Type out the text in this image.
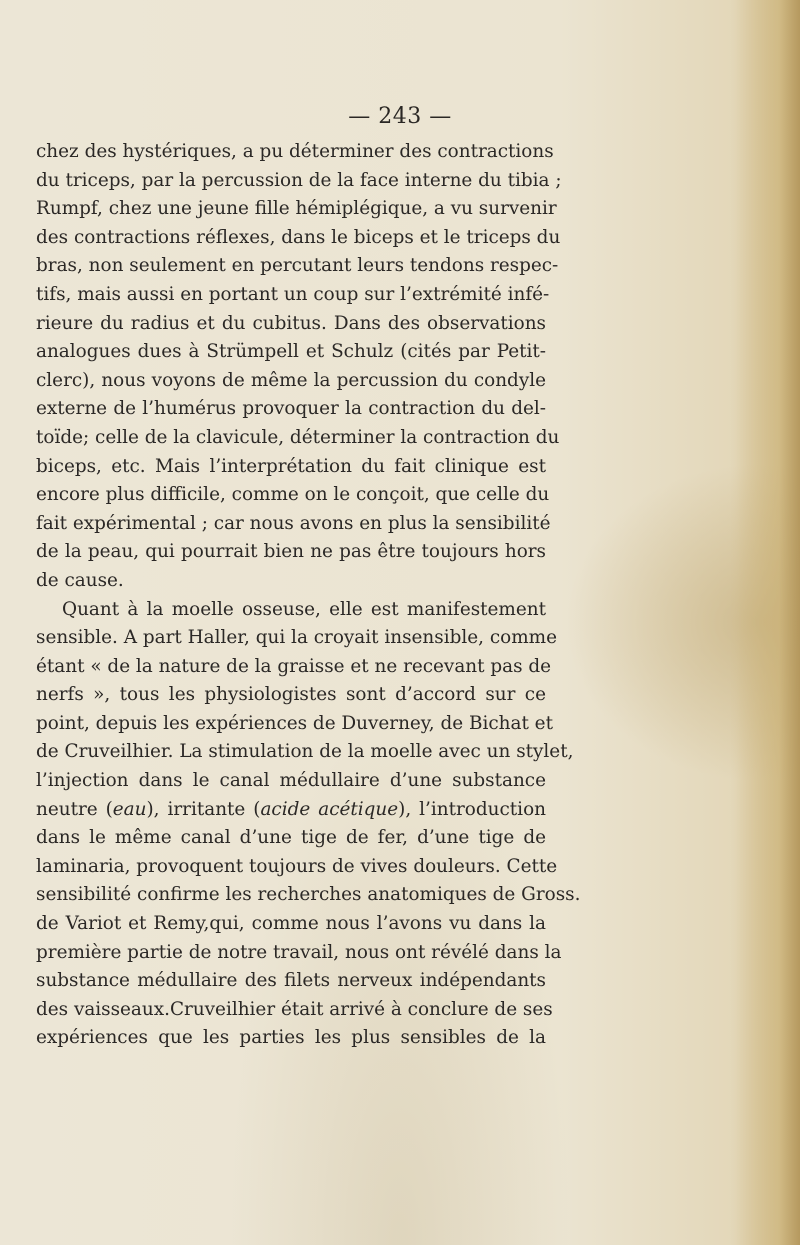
— 243 —
chez des hystériques, a pu déterminer des contractions
du triceps, par la percussion de la face interne du tibia ;
Rumpf, chez une jeune fille hémiplégique, a vu survenir
des contractions réflexes, dans le biceps et le triceps du
bras, non seulement en percutant leurs tendons respec-
tifs, mais aussi en portant un coup sur l’extrémité infé-
rieure du radius et du cubitus. Dans des observations
analogues dues à Strümpell et Schulz (cités par Petit-
clerc), nous voyons de même la percussion du condyle
externe de l’humérus provoquer la contraction du del-
toïde; celle de la clavicule, déterminer la contraction du
biceps, etc. Mais l’interprétation du fait clinique est
encore plus difficile, comme on le conçoit, que celle du
fait expérimental ; car nous avons en plus la sensibilité
de la peau, qui pourrait bien ne pas être toujours hors
de cause.
Quant à la moelle osseuse, elle est manifestement
sensible. A part Haller, qui la croyait insensible, comme
étant « de la nature de la graisse et ne recevant pas de
nerfs », tous les physiologistes sont d’accord sur ce
point, depuis les expériences de Duverney, de Bichat et
de Cruveilhier. La stimulation de la moelle avec un stylet,
l’injection dans le canal médullaire d’une substance
neutre (eau), irritante (acide acétique), l’introduction
dans le même canal d’une tige de fer, d’une tige de
laminaria, provoquent toujours de vives douleurs. Cette
sensibilité confirme les recherches anatomiques de Gross.
de Variot et Remy,qui, comme nous l’avons vu dans la
première partie de notre travail, nous ont révélé dans la
substance médullaire des filets nerveux indépendants
des vaisseaux.Cruveilhier était arrivé à conclure de ses
expériences que les parties les plus sensibles de la
